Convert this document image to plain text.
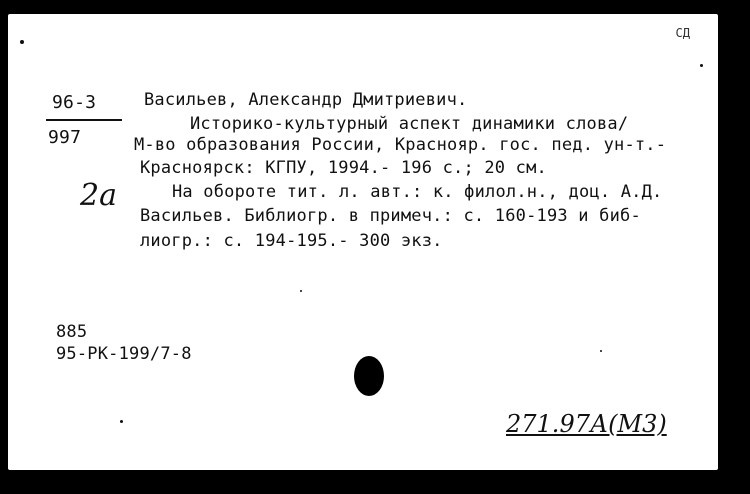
СД
96-3
997
Васильев, Александр Дмитриевич.
Историко-культурный аспект динамики слова/
М-во образования России, Краснояр. гос. пед. ун-т.-
Красноярск: КГПУ, 1994.- 196 с.; 20 см.
На обороте тит. л. авт.: к. филол.н., доц. А.Д.
Васильев. Библиогр. в примеч.: с. 160-193 и биб-
лиогр.: с. 194-195.- 300 экз.
885
95-РК-199/7-8
2а
271.97А(М3)
